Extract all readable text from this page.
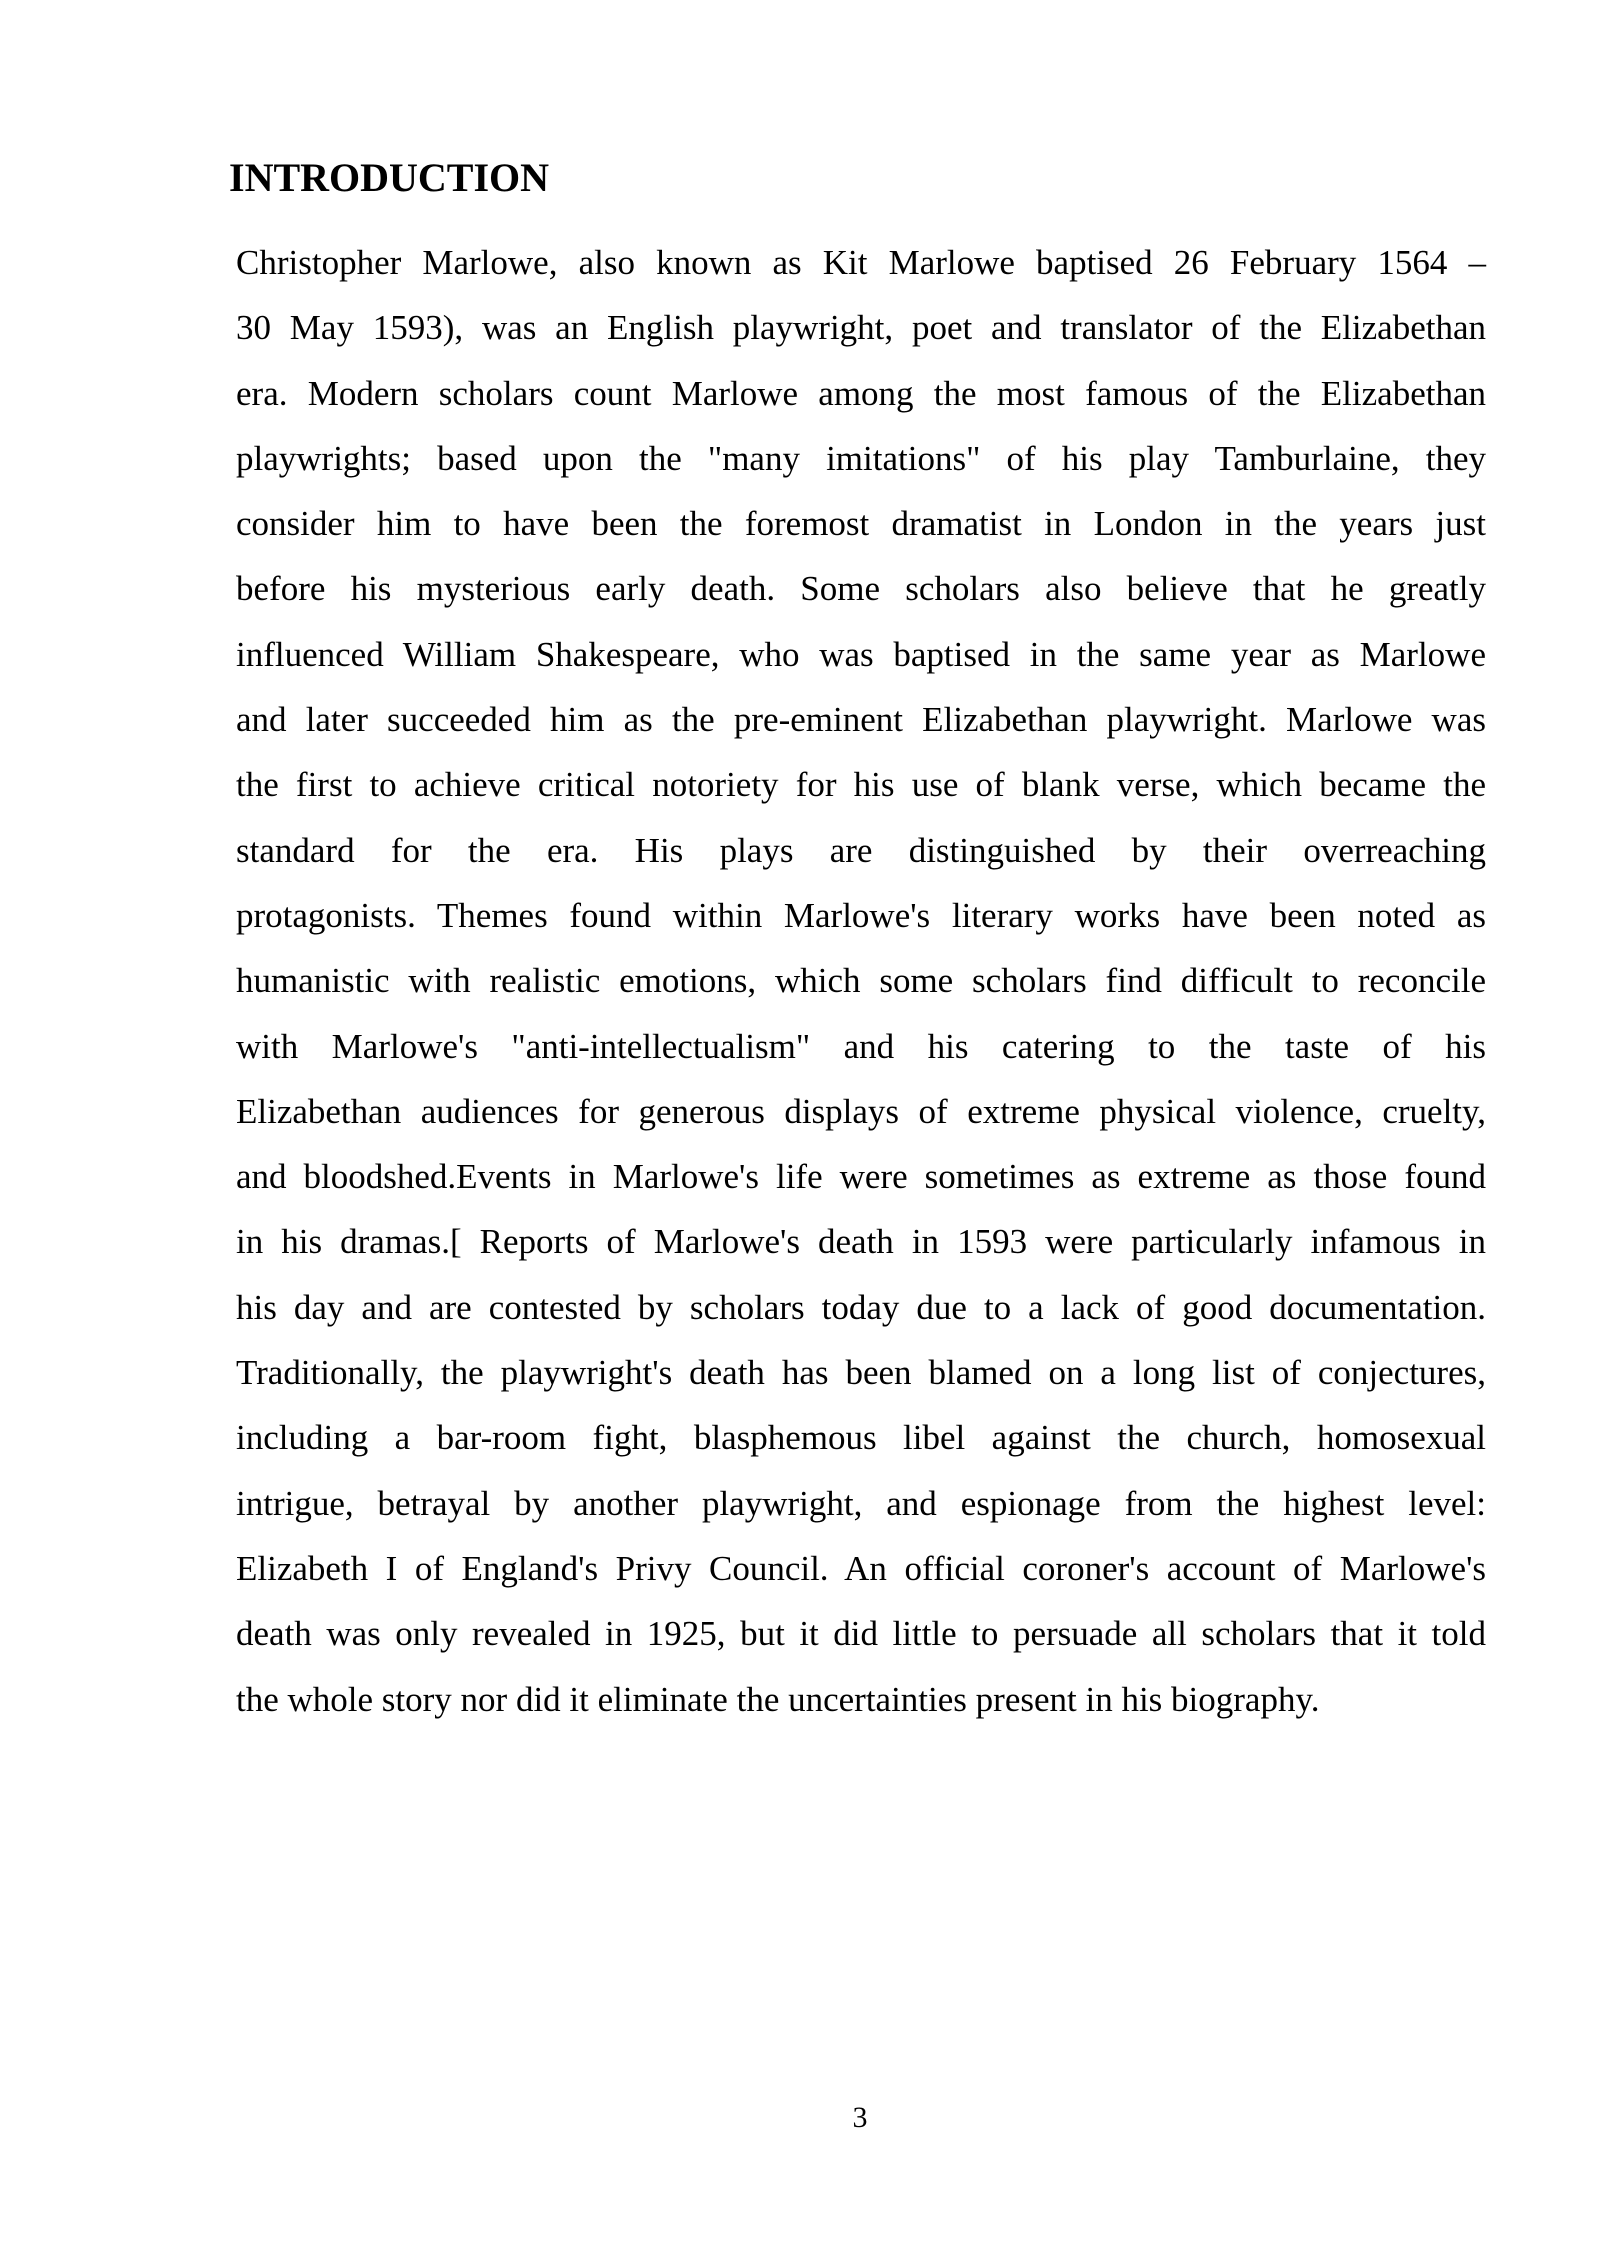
INTRODUCTION
Christopher Marlowe, also known as Kit Marlowe baptised 26 February 1564 –
30 May 1593), was an English playwright, poet and translator of the Elizabethan
era. Modern scholars count Marlowe among the most famous of the Elizabethan
playwrights; based upon the "many imitations" of his play Tamburlaine, they
consider him to have been the foremost dramatist in London in the years just
before his mysterious early death. Some scholars also believe that he greatly
influenced William Shakespeare, who was baptised in the same year as Marlowe
and later succeeded him as the pre-eminent Elizabethan playwright. Marlowe was
the first to achieve critical notoriety for his use of blank verse, which became the
standard for the era. His plays are distinguished by their overreaching
protagonists. Themes found within Marlowe's literary works have been noted as
humanistic with realistic emotions, which some scholars find difficult to reconcile
with Marlowe's "anti-intellectualism" and his catering to the taste of his
Elizabethan audiences for generous displays of extreme physical violence, cruelty,
and bloodshed.Events in Marlowe's life were sometimes as extreme as those found
in his dramas.[ Reports of Marlowe's death in 1593 were particularly infamous in
his day and are contested by scholars today due to a lack of good documentation.
Traditionally, the playwright's death has been blamed on a long list of conjectures,
including a bar-room fight, blasphemous libel against the church, homosexual
intrigue, betrayal by another playwright, and espionage from the highest level:
Elizabeth I of England's Privy Council. An official coroner's account of Marlowe's
death was only revealed in 1925, but it did little to persuade all scholars that it told
the whole story nor did it eliminate the uncertainties present in his biography.
3
